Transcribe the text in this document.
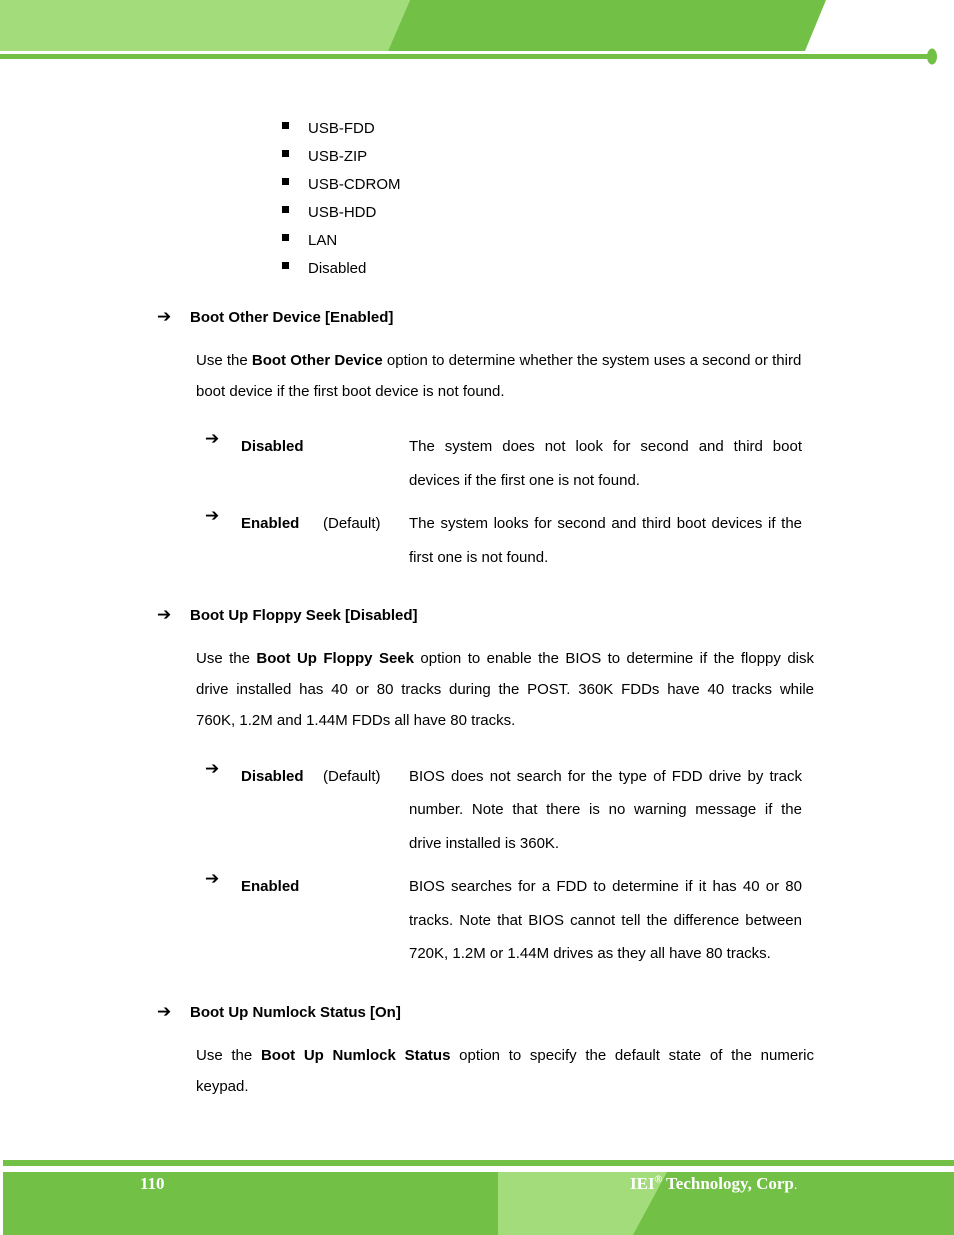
USB-FDD
USB-ZIP
USB-CDROM
USB-HDD
LAN
Disabled
➔ Boot Other Device [Enabled]
Use the Boot Other Device option to determine whether the system uses a second or third
boot device if the first boot device is not found.
➔ Disabled	The system does not look for second and third boot
devices if the first one is not found.
➔ Enabled (Default) The system looks for second and third boot devices if the
first one is not found.
➔ Boot Up Floppy Seek [Disabled]
Use the Boot Up Floppy Seek option to enable the BIOS to determine if the floppy disk
drive installed has 40 or 80 tracks during the POST. 360K FDDs have 40 tracks while
760K, 1.2M and 1.44M FDDs all have 80 tracks.
➔ Disabled (Default) BIOS does not search for the type of FDD drive by track
number. Note that there is no warning message if the
drive installed is 360K.
➔ Enabled	BIOS searches for a FDD to determine if it has 40 or 80
tracks. Note that BIOS cannot tell the difference between
720K, 1.2M or 1.44M drives as they all have 80 tracks.
➔ Boot Up Numlock Status [On]
Use the Boot Up Numlock Status option to specify the default state of the numeric
keypad.
110	IEI® Technology, Corp.
